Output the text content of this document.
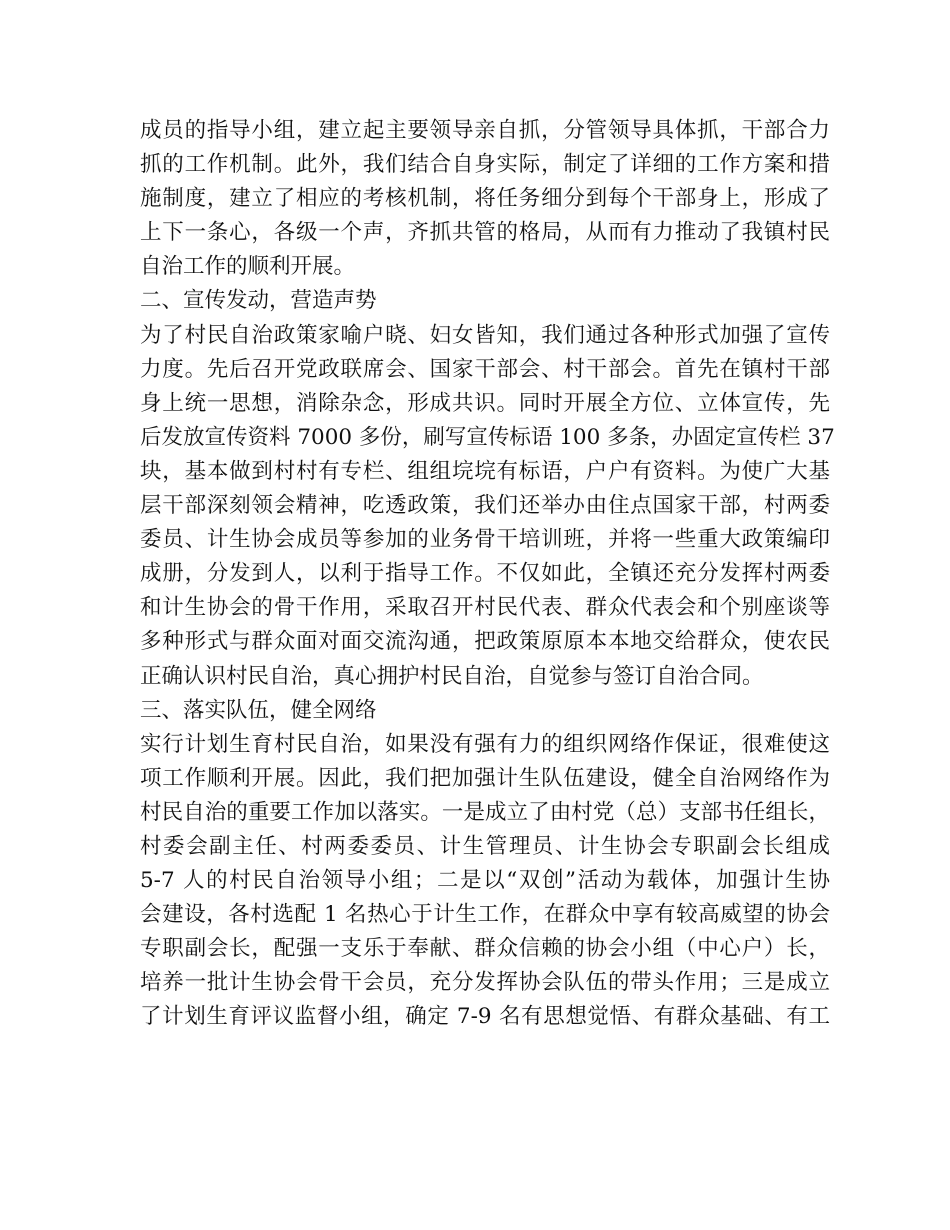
成员的指导小组，建立起主要领导亲自抓，分管领导具体抓，干部合力
抓的工作机制。此外，我们结合自身实际，制定了详细的工作方案和措
施制度，建立了相应的考核机制，将任务细分到每个干部身上，形成了
上下一条心，各级一个声，齐抓共管的格局，从而有力推动了我镇村民
自治工作的顺利开展。
二、宣传发动，营造声势
为了村民自治政策家喻户晓、妇女皆知，我们通过各种形式加强了宣传
力度。先后召开党政联席会、国家干部会、村干部会。首先在镇村干部
身上统一思想，消除杂念，形成共识。同时开展全方位、立体宣传，先
后发放宣传资料 7000 多份，刷写宣传标语 100 多条，办固定宣传栏 37
块，基本做到村村有专栏、组组垸垸有标语，户户有资料。为使广大基
层干部深刻领会精神，吃透政策，我们还举办由住点国家干部，村两委
委员、计生协会成员等参加的业务骨干培训班，并将一些重大政策编印
成册，分发到人，以利于指导工作。不仅如此，全镇还充分发挥村两委
和计生协会的骨干作用，采取召开村民代表、群众代表会和个别座谈等
多种形式与群众面对面交流沟通，把政策原原本本地交给群众，使农民
正确认识村民自治，真心拥护村民自治，自觉参与签订自治合同。
三、落实队伍，健全网络
实行计划生育村民自治，如果没有强有力的组织网络作保证，很难使这
项工作顺利开展。因此，我们把加强计生队伍建设，健全自治网络作为
村民自治的重要工作加以落实。一是成立了由村党（总）支部书任组长，
村委会副主任、村两委委员、计生管理员、计生协会专职副会长组成
5-7 人的村民自治领导小组；二是以“双创”活动为载体，加强计生协
会建设，各村选配 1 名热心于计生工作，在群众中享有较高威望的协会
专职副会长，配强一支乐于奉献、群众信赖的协会小组（中心户）长，
培养一批计生协会骨干会员，充分发挥协会队伍的带头作用；三是成立
了计划生育评议监督小组，确定 7-9 名有思想觉悟、有群众基础、有工
